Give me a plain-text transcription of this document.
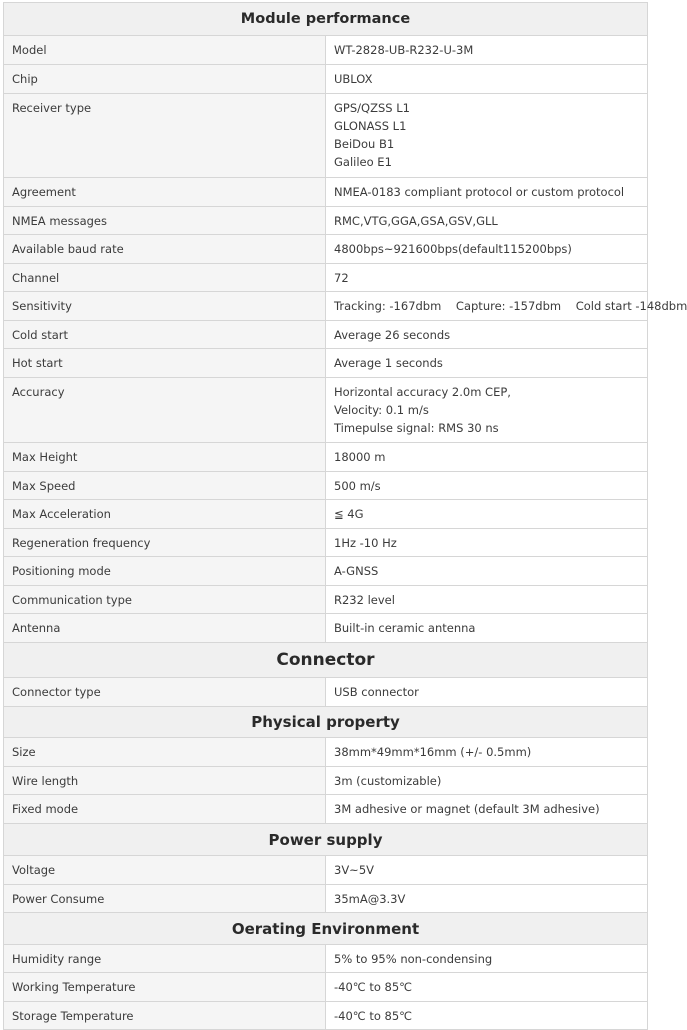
Module performance	
Model	WT-2828-UB-R232-U-3M

Chip	UBLOX

Receiver type	GPS/QZSS L1
GLONASS L1
BeiDou B1
Galileo E1

Agreement	NMEA-0183 compliant protocol or custom protocol

NMEA messages	RMC,VTG,GGA,GSA,GSV,GLL

Available baud rate	4800bps~921600bps(default115200bps)

Channel	72

Sensitivity	Tracking: -167dbm    Capture: -157dbm    Cold start -148dbm

Cold start	Average 26 seconds

Hot start	Average 1 seconds

Accuracy	Horizontal accuracy 2.0m CEP,
Velocity: 0.1 m/s
Timepulse signal: RMS 30 ns

Max Height	18000 m

Max Speed	500 m/s

Max Acceleration	≦ 4G

Regeneration frequency	1Hz -10 Hz

Positioning mode	A-GNSS

Communication type	R232 level

Antenna	Built-in ceramic antenna

Connector	
Connector type	USB connector

Physical property	
Size	38mm*49mm*16mm (+/- 0.5mm)

Wire length	3m (customizable)

Fixed mode	3M adhesive or magnet (default 3M adhesive)

Power supply	
Voltage	3V~5V

Power Consume	35mA@3.3V

Oerating Environment	
Humidity range	5% to 95% non-condensing

Working Temperature	-40℃ to 85℃

Storage Temperature	-40℃ to 85℃
